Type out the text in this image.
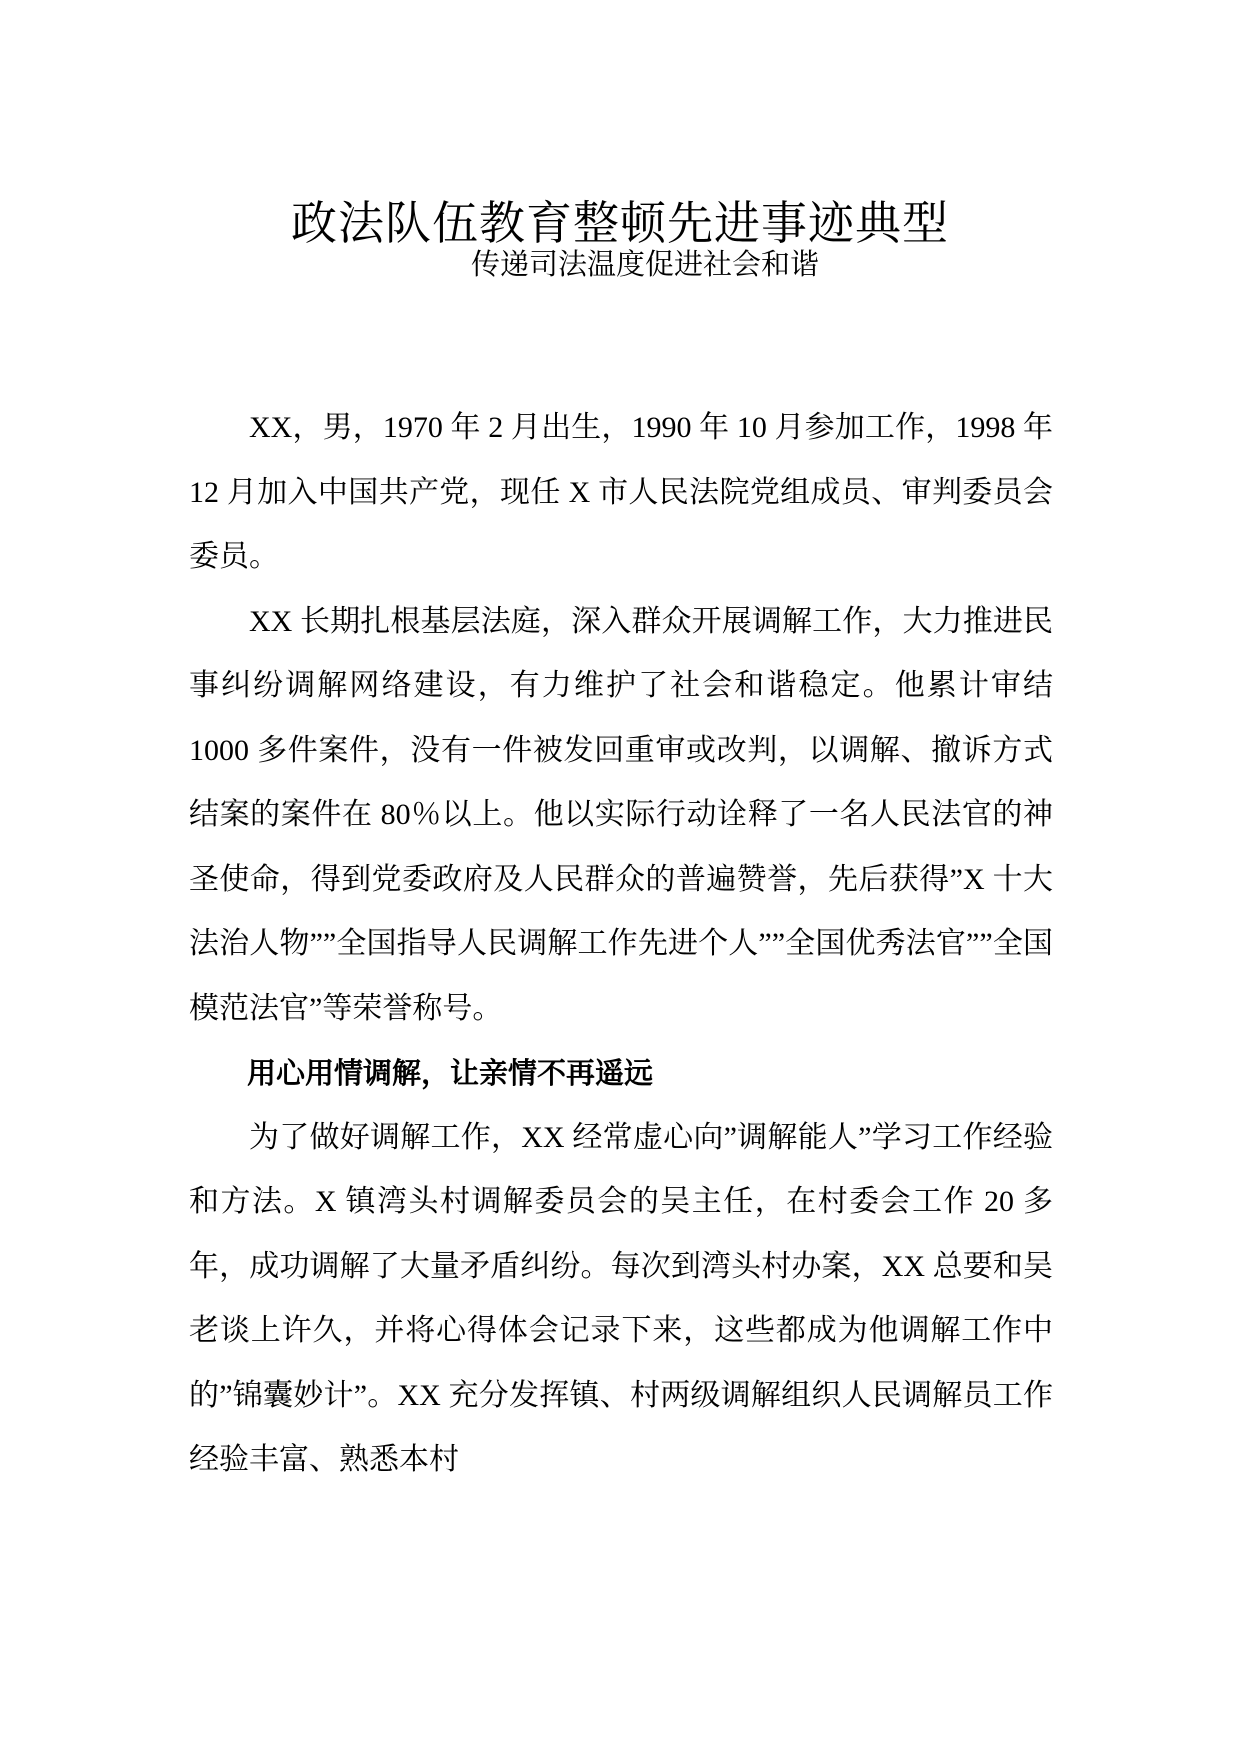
政法队伍教育整顿先进事迹典型
传递司法温度促进社会和谐

XX，男，1970 年 2 月出生，1990 年 10 月参加工作，1998 年 12 月加入中国共产党，现任 X 市人民法院党组成员、审判委员会委员。

XX 长期扎根基层法庭，深入群众开展调解工作，大力推进民事纠纷调解网络建设，有力维护了社会和谐稳定。他累计审结 1000 多件案件，没有一件被发回重审或改判，以调解、撤诉方式结案的案件在 80％以上。他以实际行动诠释了一名人民法官的神圣使命，得到党委政府及人民群众的普遍赞誉，先后获得”X 十大法治人物””全国指导人民调解工作先进个人””全国优秀法官””全国模范法官”等荣誉称号。

用心用情调解，让亲情不再遥远

为了做好调解工作，XX 经常虚心向”调解能人”学习工作经验和方法。X 镇湾头村调解委员会的吴主任，在村委会工作 20 多年，成功调解了大量矛盾纠纷。每次到湾头村办案，XX 总要和吴老谈上许久，并将心得体会记录下来，这些都成为他调解工作中的”锦囊妙计”。XX 充分发挥镇、村两级调解组织人民调解员工作经验丰富、熟悉本村
